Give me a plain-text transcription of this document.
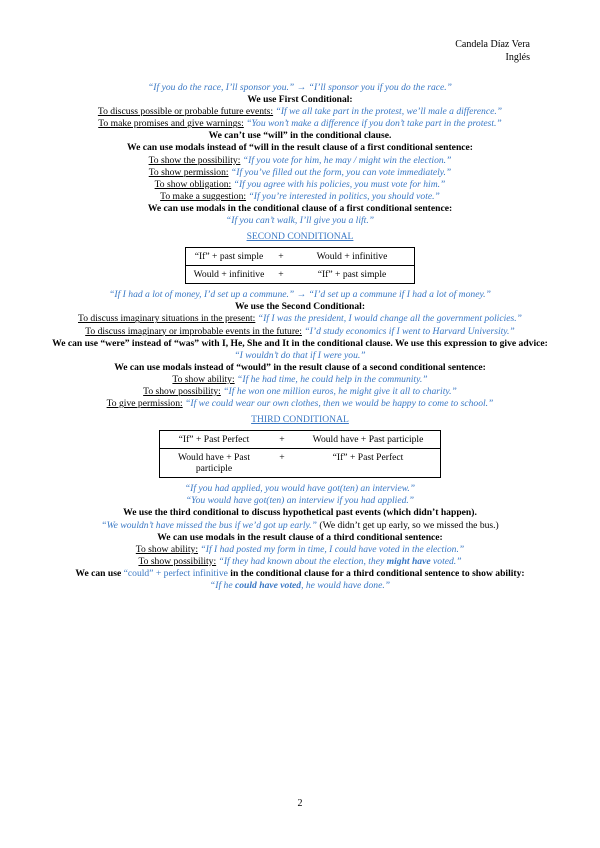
Candela Díaz Vera
Inglés
“If you do the race, I’ll sponsor you.” → “I’ll sponsor you if you do the race.”
We use First Conditional:
To discuss possible or probable future events: “If we all take part in the protest, we’ll male a difference.”
To make promises and give warnings: “You won’t make a difference if you don’t take part in the protest.”
We can’t use “will” in the conditional clause.
We can use modals instead of “will in the result clause of a first conditional sentence:
To show the possibility: “If you vote for him, he may / might win the election.”
To show permission: “If you’ve filled out the form, you can vote immediately.”
To show obligation: “If you agree with his policies, you must vote for him.”
To make a suggestion: “If you’re interested in politics, you should vote.”
We can use modals in the conditional clause of a first conditional sentence:
“If you can’t walk, I’ll give you a lift.”
SECOND CONDITIONAL
“If” + past simple	+	Would + infinitive
Would + infinitive	+	“If” + past simple
“If I had a lot of money, I’d set up a commune.” → “I’d set up a commune if I had a lot of money.”
We use the Second Conditional:
To discuss imaginary situations in the present: “If I was the president, I would change all the government policies.”
To discuss imaginary or improbable events in the future: “I’d study economics if I went to Harvard University.”
We can use “were” instead of “was” with I, He, She and It in the conditional clause. We use this expression to give advice:
“I wouldn’t do that if I were you.”
We can use modals instead of “would” in the result clause of a second conditional sentence:
To show ability: “If he had time, he could help in the community.”
To show possibility: “If he won one million euros, he might give it all to charity.”
To give permission: “If we could wear our own clothes, then we would be happy to come to school.”
THIRD CONDITIONAL
“If” + Past Perfect	+	Would have + Past participle
Would have + Past participle	+	“If” + Past Perfect
“If you had applied, you would have got(ten) an interview.”
“You would have got(ten) an interview if you had applied.”
We use the third conditional to discuss hypothetical past events (which didn’t happen).
“We wouldn’t have missed the bus if we’d got up early.” (We didn’t get up early, so we missed the bus.)
We can use modals in the result clause of a third conditional sentence:
To show ability: “If I had posted my form in time, I could have voted in the election.”
To show possibility: “If they had known about the election, they might have voted.”
We can use “could” + perfect infinitive in the conditional clause for a third conditional sentence to show ability:
“If he could have voted, he would have done.”
2
